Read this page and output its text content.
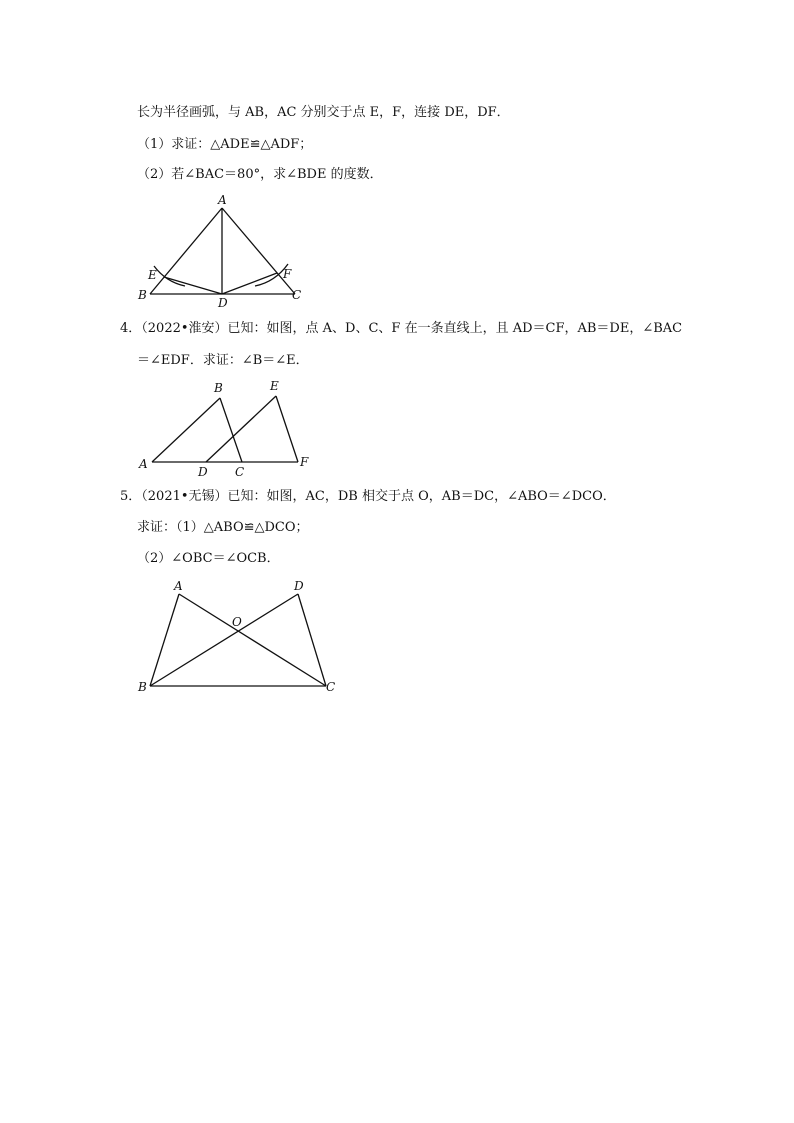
长为半径画弧，与 AB，AC 分别交于点 E，F，连接 DE，DF．
（1）求证：△ADE≌△ADF；
（2）若∠BAC＝80°，求∠BDE 的度数．
A
B	C
D
E	F
4．（2022•淮安）已知：如图，点 A、D、C、F 在一条直线上，且 AD＝CF，AB＝DE，∠BAC
＝∠EDF．求证：∠B＝∠E．
A
B
C
D
E
F
5．（2021•无锡）已知：如图，AC，DB 相交于点 O，AB＝DC，∠ABO＝∠DCO．
求证：（1）△ABO≌△DCO；
（2）∠OBC＝∠OCB．
A
B	C
D
O
